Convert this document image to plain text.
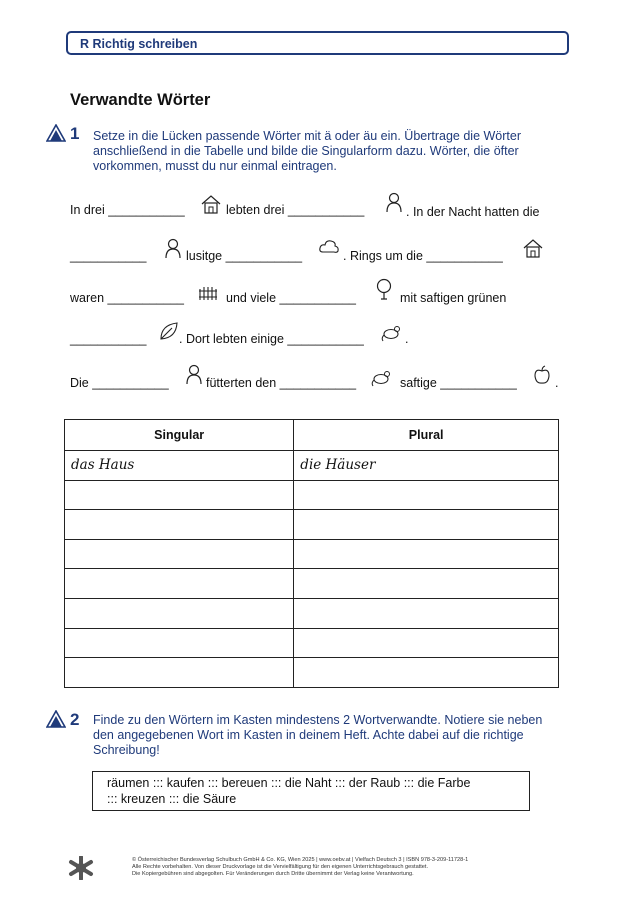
R Richtig schreiben
Verwandte Wörter
1 Setze in die Lücken passende Wörter mit ä oder äu ein. Übertrage die Wörter
anschließend in die Tabelle und bilde die Singularform dazu. Wörter, die öfter
vorkommen, musst du nur einmal eintragen.
In drei ___________	lebten drei ___________	. In der Nacht hatten die
___________	lusitge ___________	. Rings um die ___________
waren ___________	und viele ___________	mit saftigen grünen
___________	. Dort lebten einige ___________	.
Die ___________	fütterten den ___________	saftige ___________	.
Singular	Plural
das Haus	die Häuser

2 Finde zu den Wörtern im Kasten mindestens 2 Wortverwandte. Notiere sie neben
den angegebenen Wort im Kasten in deinem Heft. Achte dabei auf die richtige
Schreibung!
räumen ::: kaufen ::: bereuen ::: die Naht ::: der Raub ::: die Farbe
::: kreuzen ::: die Säure
© Österreichischer Bundesverlag Schulbuch GmbH & Co. KG, Wien 2025 | www.oebv.at | Vielfach Deutsch 3 | ISBN 978-3-209-11728-1
Alle Rechte vorbehalten. Von dieser Druckvorlage ist die Vervielfältigung für den eigenen Unterrichtsgebrauch gestattet.
Die Kopiergebühren sind abgegolten. Für Veränderungen durch Dritte übernimmt der Verlag keine Verantwortung.
